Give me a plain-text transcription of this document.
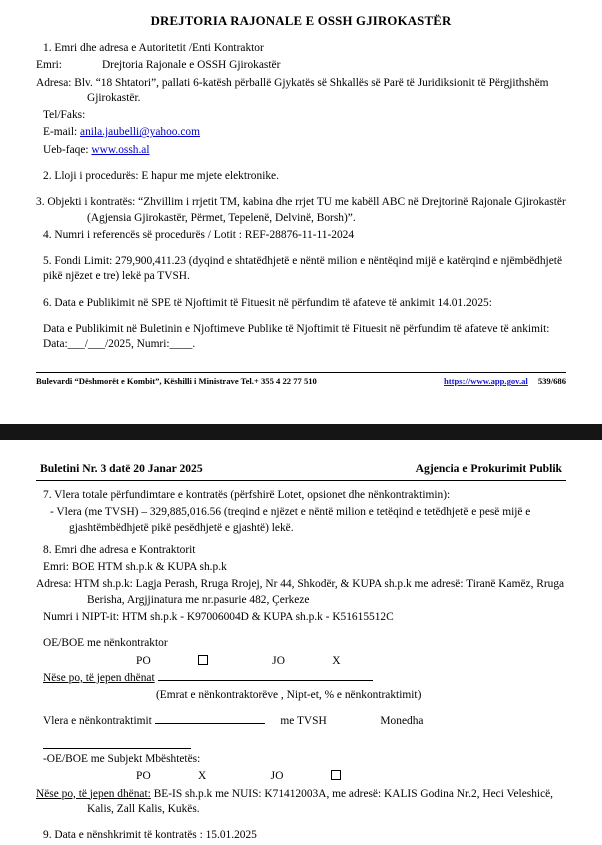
DREJTORIA RAJONALE E OSSH GJIROKASTËR
1. Emri dhe adresa e Autoritetit /Enti Kontraktor
Emri:	Drejtoria Rajonale e OSSH Gjirokastër
Adresa: Blv. “18 Shtatori”, pallati 6-katësh përballë Gjykatës së Shkallës së Parë të Juridiksionit të Përgjithshëm Gjirokastër.
Tel/Faks:
E-mail: anila.jaubelli@yahoo.com
Ueb-faqe: www.ossh.al
2. Lloji i procedurës: E hapur me mjete elektronike.
3. Objekti i kontratës: “Zhvillim i rrjetit TM, kabina dhe rrjet TU me kabëll ABC në Drejtorinë Rajonale Gjirokastër (Agjensia Gjirokastër, Përmet, Tepelenë, Delvinë, Borsh)”.
4. Numri i referencës së procedurës / Lotit : REF-28876-11-11-2024
5. Fondi Limit: 279,900,411.23 (dyqind e shtatëdhjetë e nëntë milion e nëntëqind mijë e katërqind e njëmbëdhjetë pikë njëzet e tre) lekë pa TVSH.
6. Data e Publikimit në SPE të Njoftimit të Fituesit në përfundim të afateve të ankimit 14.01.2025:
Data e Publikimit në Buletinin e Njoftimeve Publike të Njoftimit të Fituesit në përfundim të afateve të ankimit: Data:___/___/2025, Numri:____.
Bulevardi “Dëshmorët e Kombit”, Këshilli i Ministrave Tel.+ 355 4 22 77 510	https://www.app.gov.al 539/686
Buletini Nr. 3 datë 20 Janar 2025	Agjencia e Prokurimit Publik
7. Vlera totale përfundimtare e kontratës (përfshirë Lotet, opsionet dhe nënkontraktimin):
- Vlera (me TVSH) – 329,885,016.56 (treqind e njëzet e nëntë milion e tetëqind e tetëdhjetë e pesë mijë e gjashtëmbëdhjetë pikë pesëdhjetë e gjashtë) lekë.
8. Emri dhe adresa e Kontraktorit
Emri: BOE HTM sh.p.k & KUPA sh.p.k
Adresa: HTM sh.p.k: Lagja Perash, Rruga Rrojej, Nr 44, Shkodër, & KUPA sh.p.k me adresë: Tiranë Kamëz, Rruga Berisha, Argjjinatura me nr.pasurie 482, Çerkeze
Numri i NIPT-it: HTM sh.p.k - K97006004D & KUPA sh.p.k - K51615512C
OE/BOE me nënkontraktor
PO	JO	X
Nëse po, të jepen dhënat
(Emrat e nënkontraktorëve , Nipt-et, % e nënkontraktimit)
Vlera e nënkontraktimit	me TVSH	Monedha
-OE/BOE me Subjekt Mbështetës:
PO	X	JO
Nëse po, të jepen dhënat: BE-IS sh.p.k me NUIS: K71412003A, me adresë: KALIS Godina Nr.2, Heci Veleshicë, Kalis, Zall Kalis, Kukës.
9. Data e nënshkrimit të kontratës : 15.01.2025
